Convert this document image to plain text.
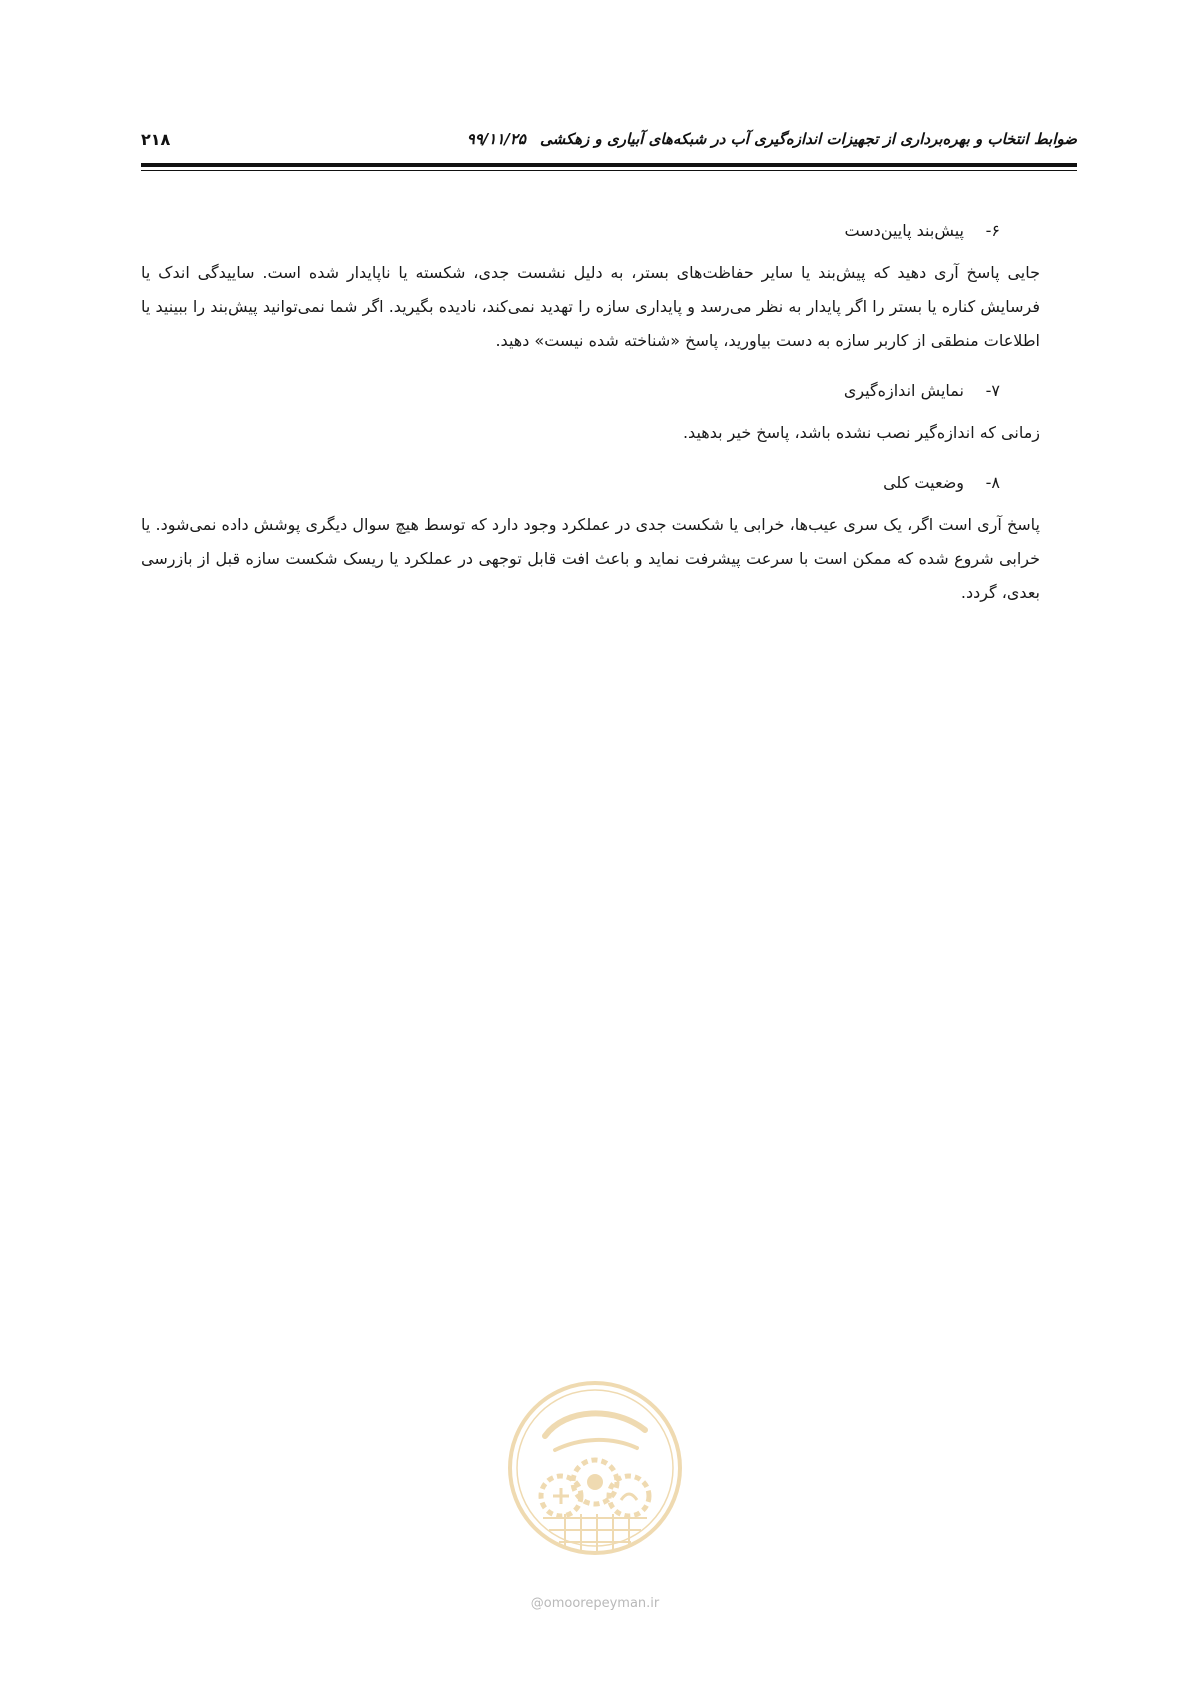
۲۱۸	ضوابط انتخاب و بهره‌برداری از تجهیزات اندازه‌گیری آب در شبکه‌های آبیاری و زهکشی
۹۹/۱۱/۲۵
۶-
پیش‌بند پایین‌دست

جایی پاسخ آری دهید که پیش‌بند یا سایر حفاظت‌های بستر، به دلیل نشست جدی، شکسته یا ناپایدار شده است. ساییدگی اندک یا فرسایش کناره یا بستر را اگر پایدار به نظر می‌رسد و پایداری سازه را تهدید نمی‌کند، نادیده بگیرید. اگر شما نمی‌توانید پیش‌بند را ببینید یا اطلاعات منطقی از کاربر سازه به دست بیاورید، پاسخ «شناخته شده نیست» دهید.

۷-
نمایش اندازه‌گیری

زمانی که اندازه‌گیر نصب نشده باشد، پاسخ خیر بدهید.

۸-
وضعیت کلی

پاسخ آری است اگر، یک سری عیب‌ها، خرابی یا شکست جدی در عملکرد وجود دارد که توسط هیچ سوال دیگری پوشش داده نمی‌شود. یا خرابی شروع شده که ممکن است با سرعت پیشرفت نماید و باعث افت قابل توجهی در عملکرد یا ریسک شکست سازه قبل از بازرسی بعدی، گردد.

@omoorepeyman.ir
